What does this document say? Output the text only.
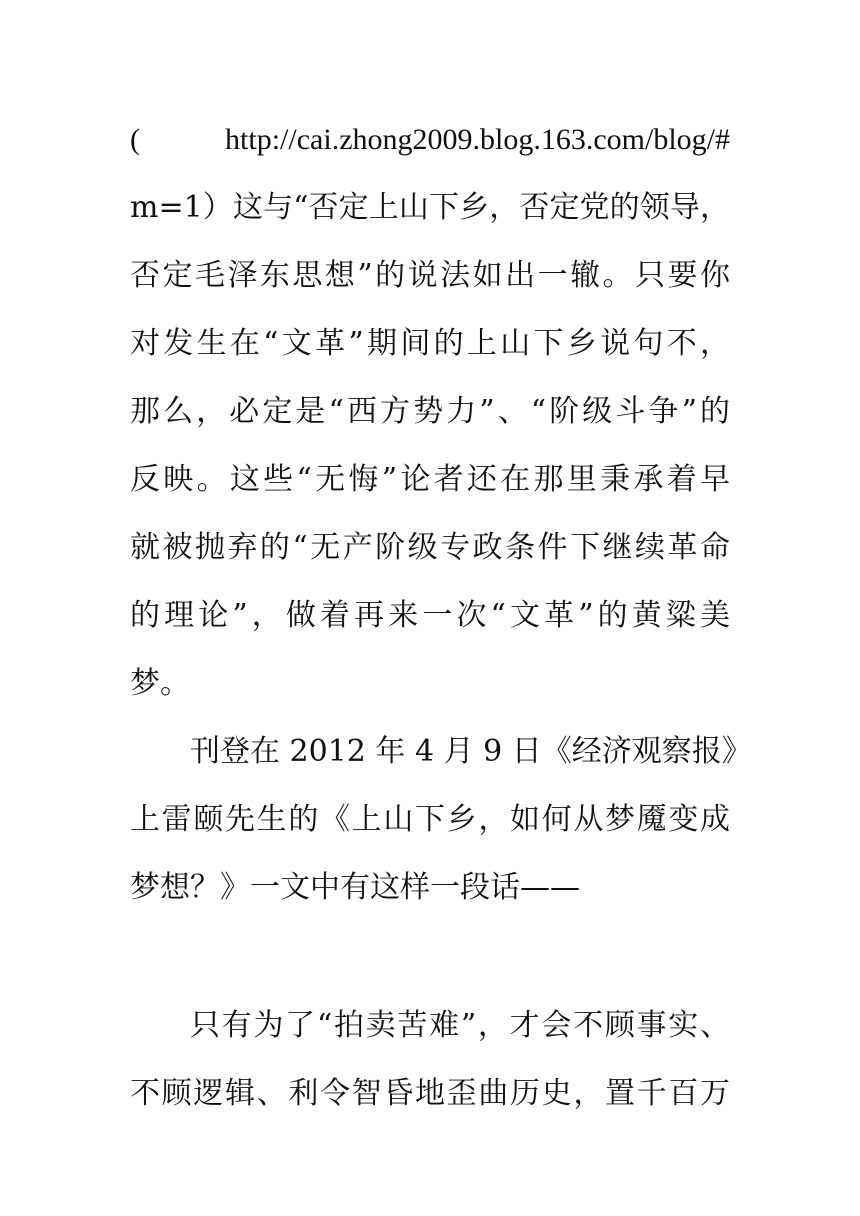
( http://cai.zhong2009.blog.163.com/blog/#
m=1）这与“否定上山下乡，否定党的领导，
否定毛泽东思想”的说法如出一辙。只要你
对发生在“文革”期间的上山下乡说句不，
那么，必定是“西方势力”、“阶级斗争”的
反映。这些“无悔”论者还在那里秉承着早
就被抛弃的“无产阶级专政条件下继续革命
的理论”，做着再来一次“文革”的黄粱美
梦。
刊登在 2012 年 4 月 9 日《经济观察报》
上雷颐先生的《上山下乡，如何从梦魇变成
梦想？》一文中有这样一段话——
只有为了“拍卖苦难”，才会不顾事实、
不顾逻辑、利令智昏地歪曲历史，置千百万
